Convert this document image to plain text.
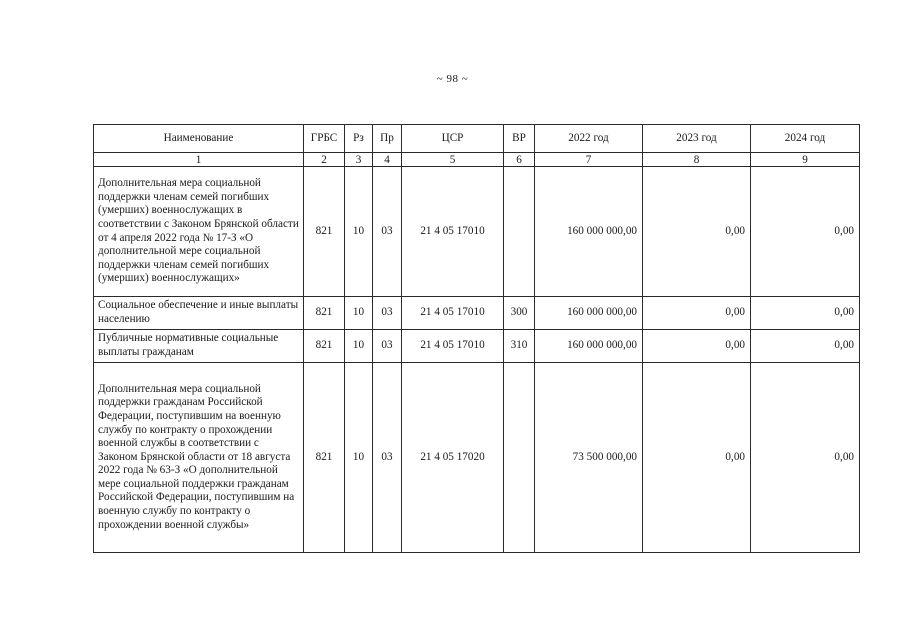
~ 98 ~
Наименование	ГРБС	Рз	Пр	ЦСР	ВР	2022 год	2023 год	2024 год
1	2	3	4	5	6	7	8	9
Дополнительная мера социальной поддержки членам семей погибших (умерших) военнослужащих в соответствии с Законом Брянской области от 4 апреля 2022 года № 17-З «О дополнительной мере социальной поддержки членам семей погибших (умерших) военнослужащих»	821	10	03	21 4 05 17010		160 000 000,00	0,00	0,00
Социальное обеспечение и иные выплаты населению	821	10	03	21 4 05 17010	300	160 000 000,00	0,00	0,00
Публичные нормативные социальные выплаты гражданам	821	10	03	21 4 05 17010	310	160 000 000,00	0,00	0,00
Дополнительная мера социальной поддержки гражданам Российской Федерации, поступившим на военную службу по контракту о прохождении военной службы в соответствии с Законом Брянской области от 18 августа 2022 года № 63-З «О дополнительной мере социальной поддержки гражданам Российской Федерации, поступившим на военную службу по контракту о прохождении военной службы»	821	10	03	21 4 05 17020		73 500 000,00	0,00	0,00
